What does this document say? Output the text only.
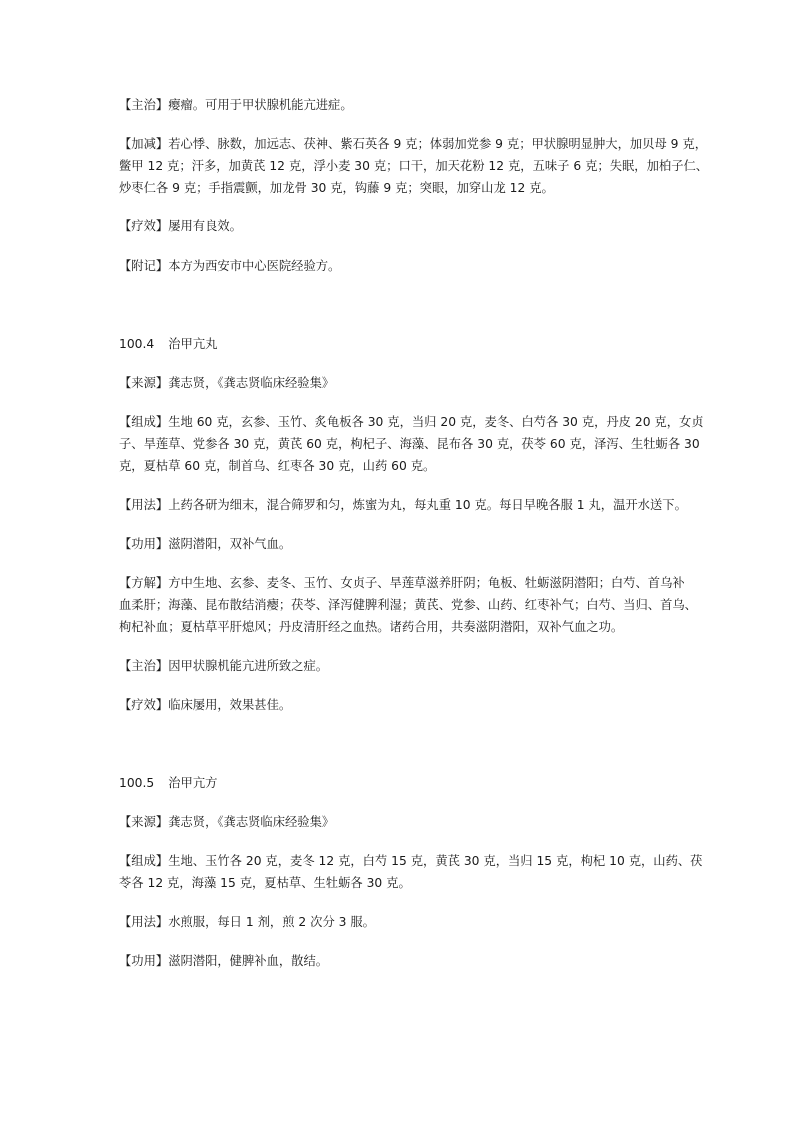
【主治】瘿瘤。可用于甲状腺机能亢进症。
【加减】若心悸、脉数，加远志、茯神、紫石英各 9 克；体弱加党参 9 克；甲状腺明显肿大，加贝母 9 克，
鳖甲 12 克；汗多，加黄芪 12 克，浮小麦 30 克；口干，加天花粉 12 克，五味子 6 克；失眠，加柏子仁、
炒枣仁各 9 克；手指震颤，加龙骨 30 克，钩藤 9 克；突眼，加穿山龙 12 克。
【疗效】屡用有良效。
【附记】本方为西安市中心医院经验方。
100.4 治甲亢丸
【来源】龚志贤，《龚志贤临床经验集》
【组成】生地 60 克，玄参、玉竹、炙龟板各 30 克，当归 20 克，麦冬、白芍各 30 克，丹皮 20 克，女贞
子、旱莲草、党参各 30 克，黄芪 60 克，枸杞子、海藻、昆布各 30 克，茯苓 60 克，泽泻、生牡蛎各 30
克，夏枯草 60 克，制首乌、红枣各 30 克，山药 60 克。
【用法】上药各研为细末，混合筛罗和匀，炼蜜为丸，每丸重 10 克。每日早晚各服 1 丸，温开水送下。
【功用】滋阴潜阳，双补气血。
【方解】方中生地、玄参、麦冬、玉竹、女贞子、旱莲草滋养肝阴；龟板、牡蛎滋阴潜阳；白芍、首乌补
血柔肝；海藻、昆布散结消瘿；茯苓、泽泻健脾利湿；黄芪、党参、山药、红枣补气；白芍、当归、首乌、
枸杞补血；夏枯草平肝熄风；丹皮清肝经之血热。诸药合用，共奏滋阴潜阳，双补气血之功。
【主治】因甲状腺机能亢进所致之症。
【疗效】临床屡用，效果甚佳。
100.5 治甲亢方
【来源】龚志贤，《龚志贤临床经验集》
【组成】生地、玉竹各 20 克，麦冬 12 克，白芍 15 克，黄芪 30 克，当归 15 克，枸杞 10 克，山药、茯
苓各 12 克，海藻 15 克，夏枯草、生牡蛎各 30 克。
【用法】水煎服，每日 1 剂，煎 2 次分 3 服。
【功用】滋阴潜阳，健脾补血，散结。
